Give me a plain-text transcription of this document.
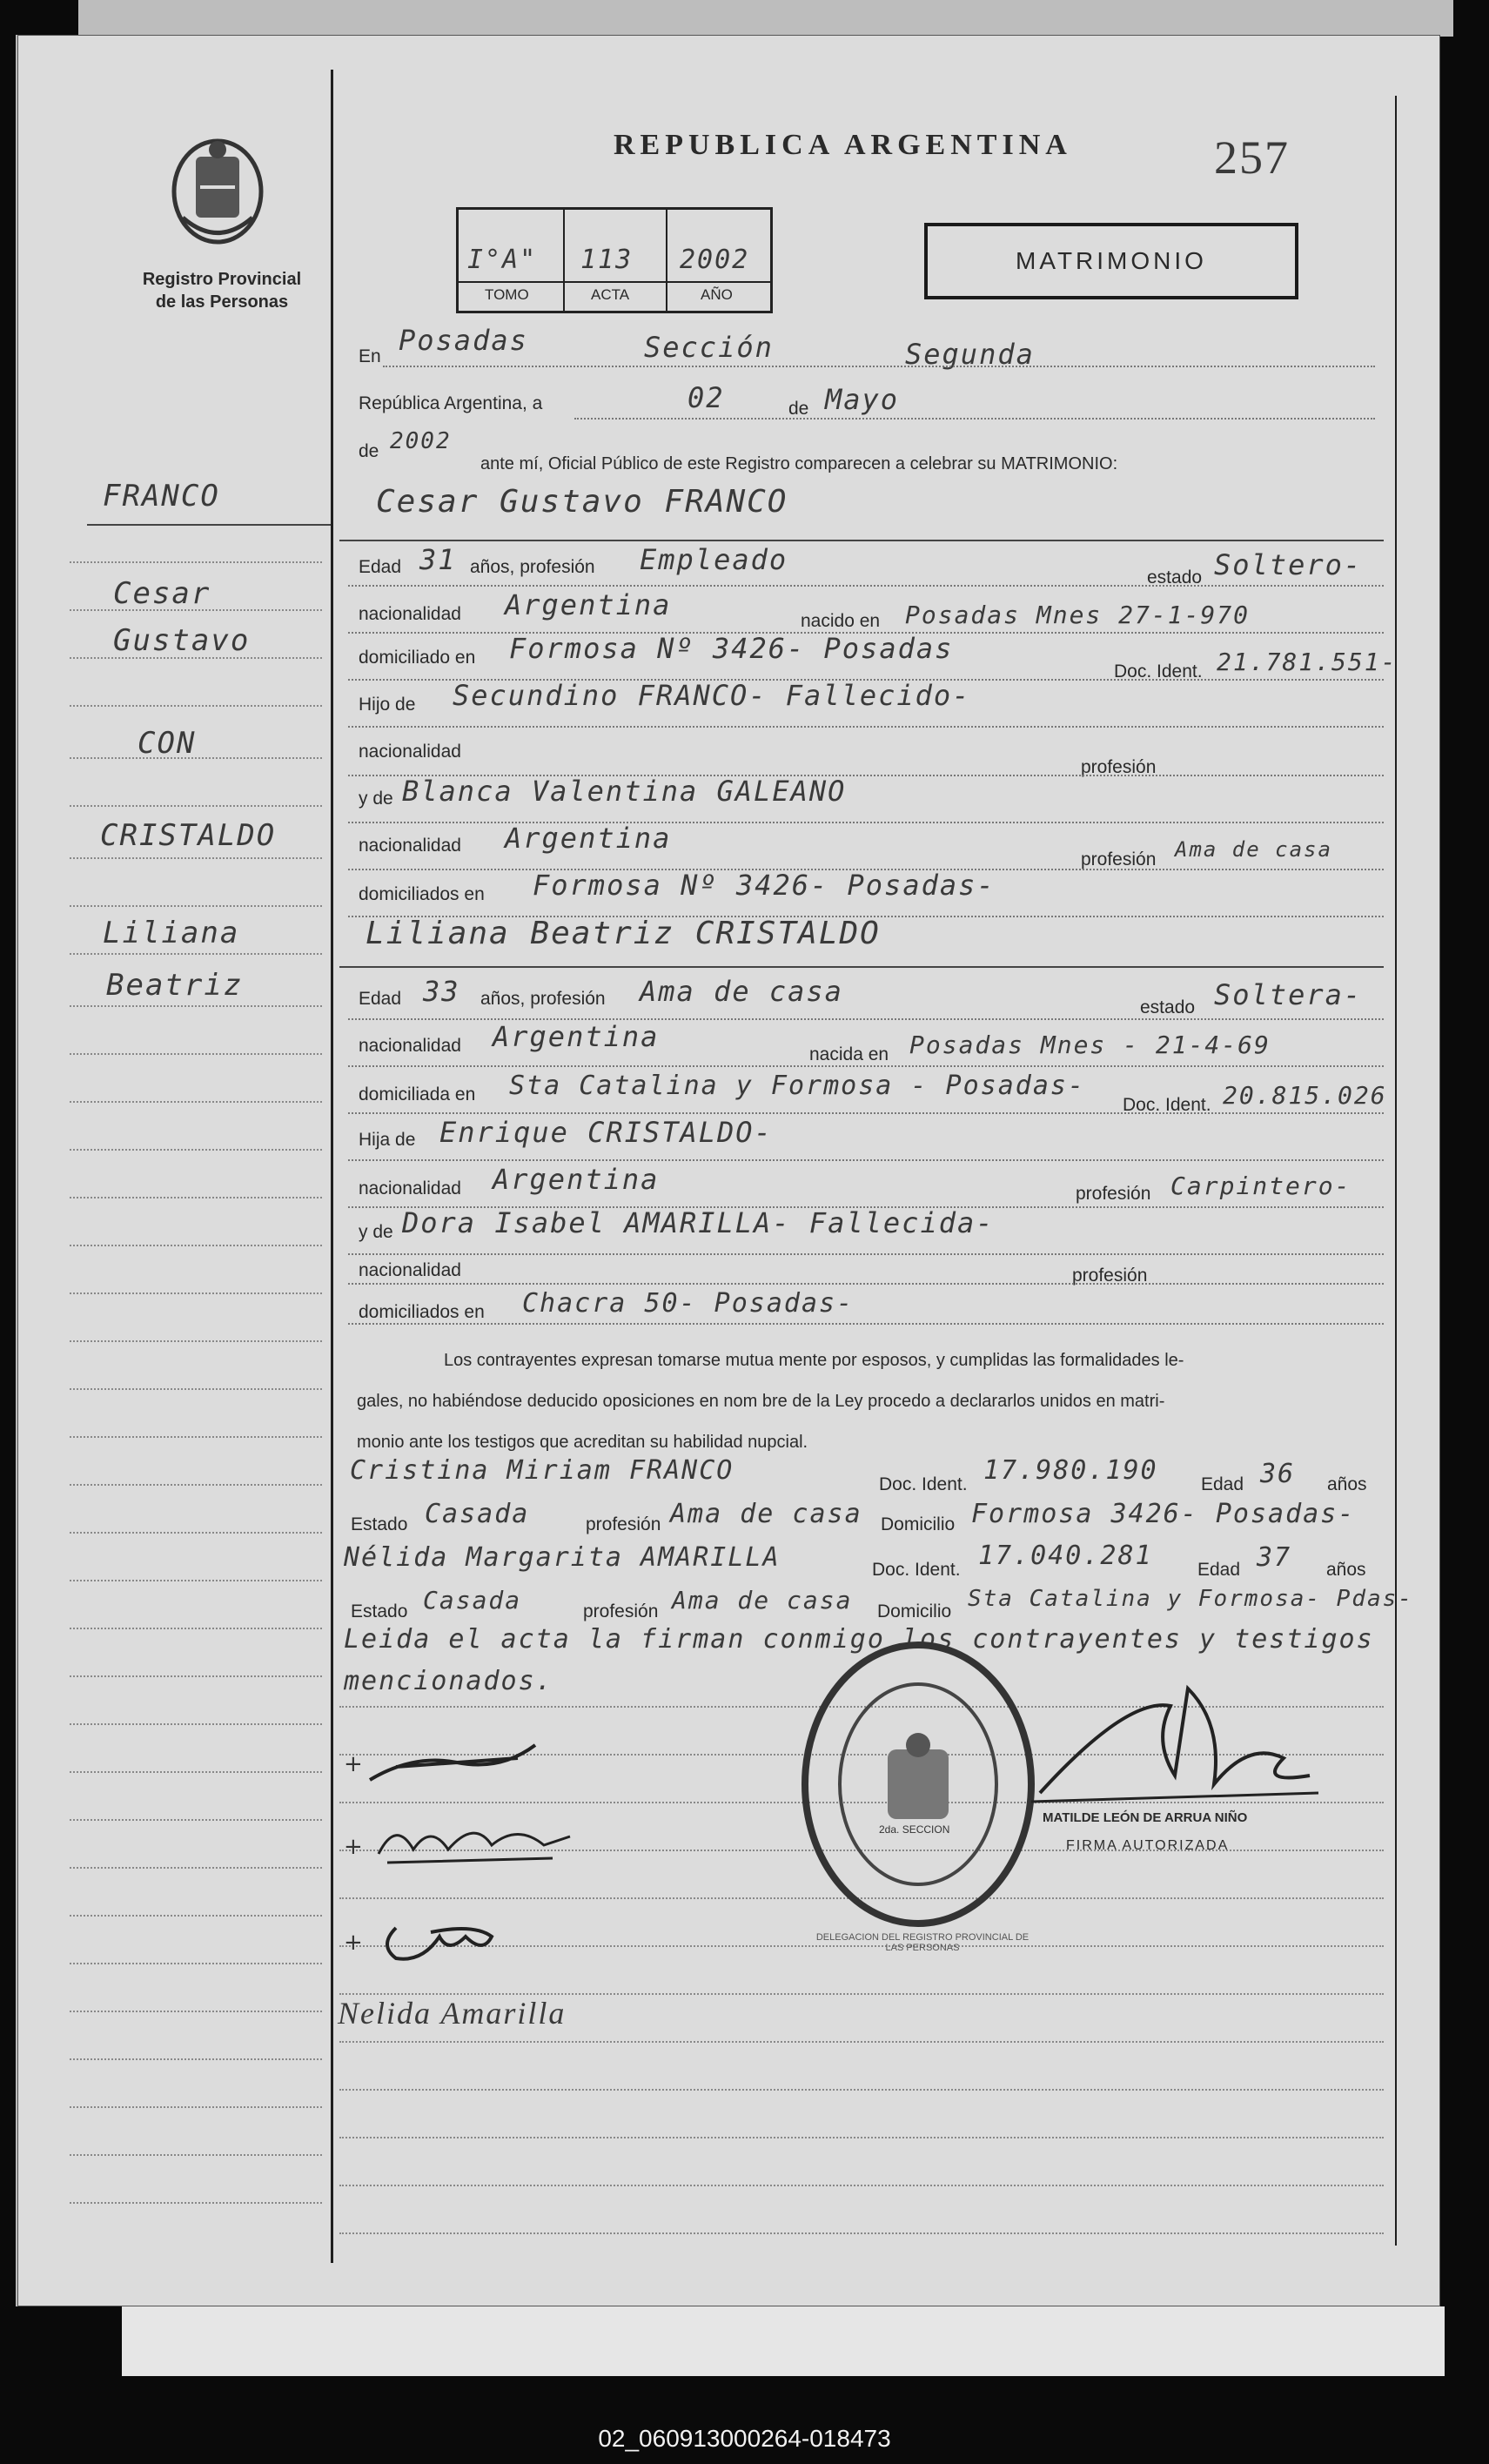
Registro Provincial
de las Personas
REPUBLICA ARGENTINA	257
I°A" 113 2002
TOMO	ACTA	AÑO
MATRIMONIO
FRANCO
Cesar
Gustavo
CON
CRISTALDO
Liliana
Beatriz
En Posadas	Sección	Segunda
República Argentina, a	02	de Mayo
de 2002
ante mí, Oficial Público de este Registro comparecen a celebrar su MATRIMONIO:
Cesar Gustavo FRANCO
Edad 31 años, profesión Empleado
estado Soltero-
nacionalidad Argentina	nacido en Posadas Mnes 27-1-970
domiciliado en Formosa Nº 3426- Posadas
Doc. Ident. 21.781.551-
Hijo de Secundino FRANCO- Fallecido-
nacionalidad
profesión
y de Blanca Valentina GALEANO
nacionalidad Argentina
profesión Ama de casa
domiciliados en Formosa Nº 3426- Posadas-
Liliana Beatriz CRISTALDO
Edad 33 años, profesión Ama de casa	estado Soltera-
nacionalidad Argentina
nacida en Posadas Mnes - 21-4-69
domiciliada en Sta Catalina y Formosa - Posadas-
Doc. Ident. 20.815.026
Hija de Enrique CRISTALDO-
nacionalidad Argentina	profesión Carpintero-
y de Dora Isabel AMARILLA- Fallecida-
nacionalidad	profesión
domiciliados en Chacra 50- Posadas-
Los contrayentes expresan tomarse mutua mente por esposos, y cumplidas las formalidades le-
gales, no habiéndose deducido oposiciones en nom bre de la Ley procedo a declararlos unidos en matri-
monio ante los testigos que acreditan su habilidad nupcial.
Cristina Miriam FRANCO	Doc. Ident. 17.980.190 Edad 36 años
Estado Casada	profesión Ama de casa Domicilio Formosa 3426- Posadas-
Nélida Margarita AMARILLA	Doc. Ident. 17.040.281 Edad 37 años
Estado Casada	profesión Ama de casa Domicilio Sta Catalina y Formosa- Pdas-
Leida el acta la firman conmigo los contrayentes y testigos
mencionados.
+
+
+
Nelida Amarilla
DELEGACION DEL REGISTRO PROVINCIAL DE LAS PERSONAS
2da. SECCION
MATILDE LEÓN DE ARRUA NIÑO
FIRMA AUTORIZADA
02_060913000264-018473
